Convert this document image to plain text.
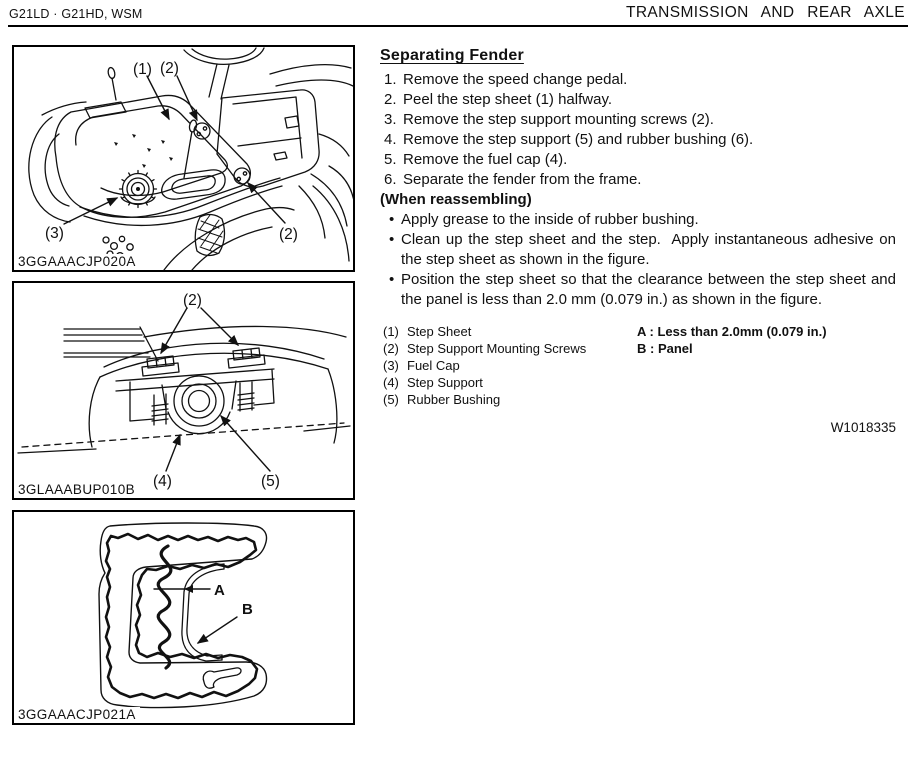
G21LD · G21HD, WSM	TRANSMISSION AND REAR AXLE
(1) (2)
(3)	(2)
3GGAAACJP020A
(2)
(4)	(5)
3GLAAABUP010B
A
B
3GGAAACJP021A
Separating Fender
1. Remove the speed change pedal.
2. Peel the step sheet (1) halfway.
3. Remove the step support mounting screws (2).
4. Remove the step support (5) and rubber bushing (6).
5. Remove the fuel cap (4).
6. Separate the fender from the frame.

(When reassembling)

• Apply grease to the inside of rubber bushing.
• Clean up the step sheet and the step.  Apply instantaneous adhesive on the step sheet as shown in the figure.
• Position the step sheet so that the clearance between the step sheet and the panel is less than 2.0 mm (0.079 in.) as shown in the figure.
(1) Step Sheet
(2) Step Support Mounting Screws
(3) Fuel Cap
(4) Step Support
(5) Rubber Bushing
A : Less than 2.0mm (0.079 in.)
B : Panel
W1018335
